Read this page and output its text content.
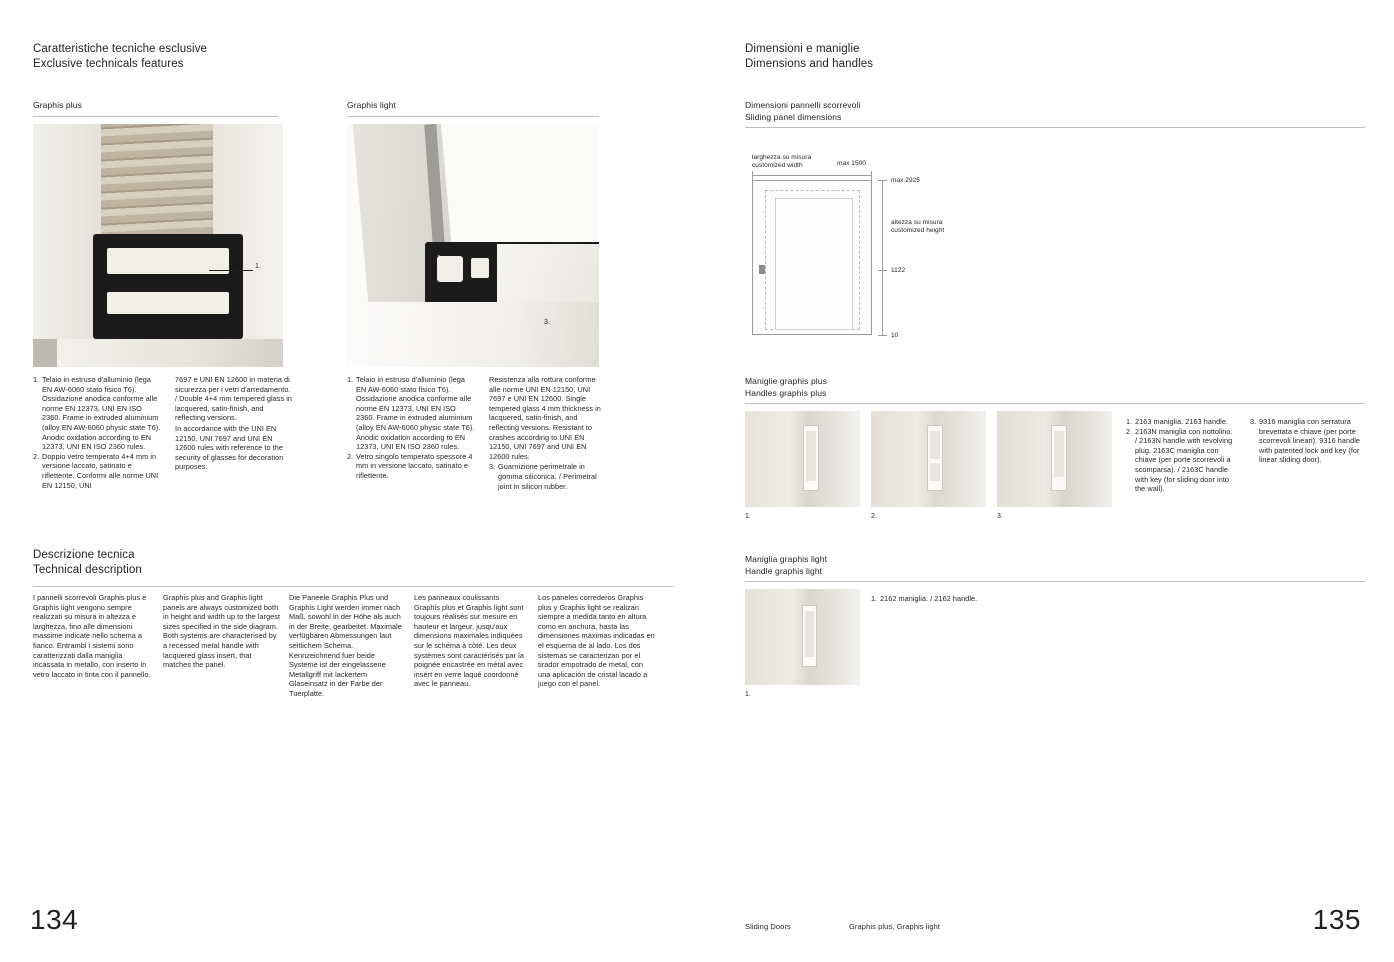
Caratteristiche tecniche esclusive
Exclusive technicals features
Graphis plus	Graphis light
2.	2.
1.
1.
3.
1. Telaio in estruso d'alluminio (lega EN AW-6060 stato fisico T6). Ossidazione anodica conforme alle norme EN 12373, UNI EN ISO 2360. Frame in extruded aluminium (alloy EN AW-6060 physic state T6). Anodic oxidation according to EN 12373, UNI EN ISO 2360 rules.
2. Doppio vetro temperato 4+4 mm in versione laccato, satinato e riflettente. Conformi alle norme UNI EN 12150, UNI
7697 e UNI EN 12600 in materia di sicurezza per i vetri d'arredamento. / Double 4+4 mm tempered glass in lacquered, satin-finish, and reflecting versions.
In accordance with the UNI EN 12150, UNI 7697 and UNI EN 12600 rules with reference to the security of glasses for decoration purposes.
1. Telaio in estruso d'alluminio (lega EN AW-6060 stato fisico T6). Ossidazione anodica conforme alle norme EN 12373, UNI EN ISO 2360. Frame in extruded aluminium (alloy EN AW-6060 physic state T6). Anodic oxidation according to EN 12373, UNI EN ISO 2360 rules.
2. Vetro singolo temperato spessore 4 mm in versione laccato, satinato e riflettente.
Resistenza alla rottura conforme alle norme UNI EN 12150, UNI 7697 e UNI EN 12600. Single tempered glass 4 mm thickness in lacquered, satin-finish, and reflecting versions. Resistant to crashes according to UNI EN 12150, UNI 7697 and UNI EN 12600 rules.
3. Guarnizione perimetrale in gomma siliconica. / Perimetral joint in silicon rubber.
Descrizione tecnica
Technical description
I pannelli scorrevoli Graphis plus e Graphis light vengono sempre realizzati su misura in altezza e larghezza, fino alle dimensioni massime indicate nello schema a fianco. Entrambi i sistemi sono caratterizzati dalla maniglia incassata in metallo, con inserto in vetro laccato in tinta con il pannello.
Graphis plus and Graphis light panels are always customized both in height and width up to the largest sizes specified in the side diagram. Both systems are characterised by a recessed metal handle with lacquered glass insert, that matches the panel.
Die Paneele Graphis Plus und Graphis Light werden immer nach Maß, sowohl in der Höhe als auch in der Breite, gearbeitet. Maximale verfügbaren Abmessungen laut seitlichem Schema. Kennzeichnend fuer beide Systeme ist der eingelassene Metallgriff mit lackertem Glaseinsatz in der Farbe der Tuerplatte.
Les panneaux coulissants Graphis plus et Graphis light sont toujours réalisés sur mesure en hauteur et largeur, jusqu'aux dimensions maximales indiquées sur le schéma à côté. Les deux systèmes sont caractérisés par la poignée encastrée en métal avec insért en verre laqué coordonné avec le panneau.
Los paneles correderos Graphis plus y Graphis light se realizan siempre a medida tanto en altura como en anchura, hasta las dimensiones máximas indicadas en el esquema de al lado. Los dos sistemas se caracterizan por el tirador empotrado de metal, con una aplicación de cristal lacado a juego con el panel.
134
Dimensioni e maniglie
Dimensions and handles
Dimensioni pannelli scorrevoli
Sliding panel dimensions
larghezza su misura
customized width	max 1500
max 2925
altezza su misura
customized height
1122
10
Maniglie graphis plus
Handles graphis plus
1.	2.	3.
1. 2163 maniglia. 2163 handle.
2. 2163N maniglia con nottolino. / 2163N handle with revolving plug. 2163C maniglia con chiave (per porte scorrevoli a scomparsa). / 2163C handle with key (for sliding door into the wall).
3. 9316 maniglia con serratura brevettata e chiave (per porte scorrevoli lineari). 9316 handle with patented lock and key (for linear sliding door).
Maniglia graphis light
Handle graphis light
1.
1. 2162 maniglia. / 2162 handle.
Sliding Doors	Graphis plus, Graphis light	135
